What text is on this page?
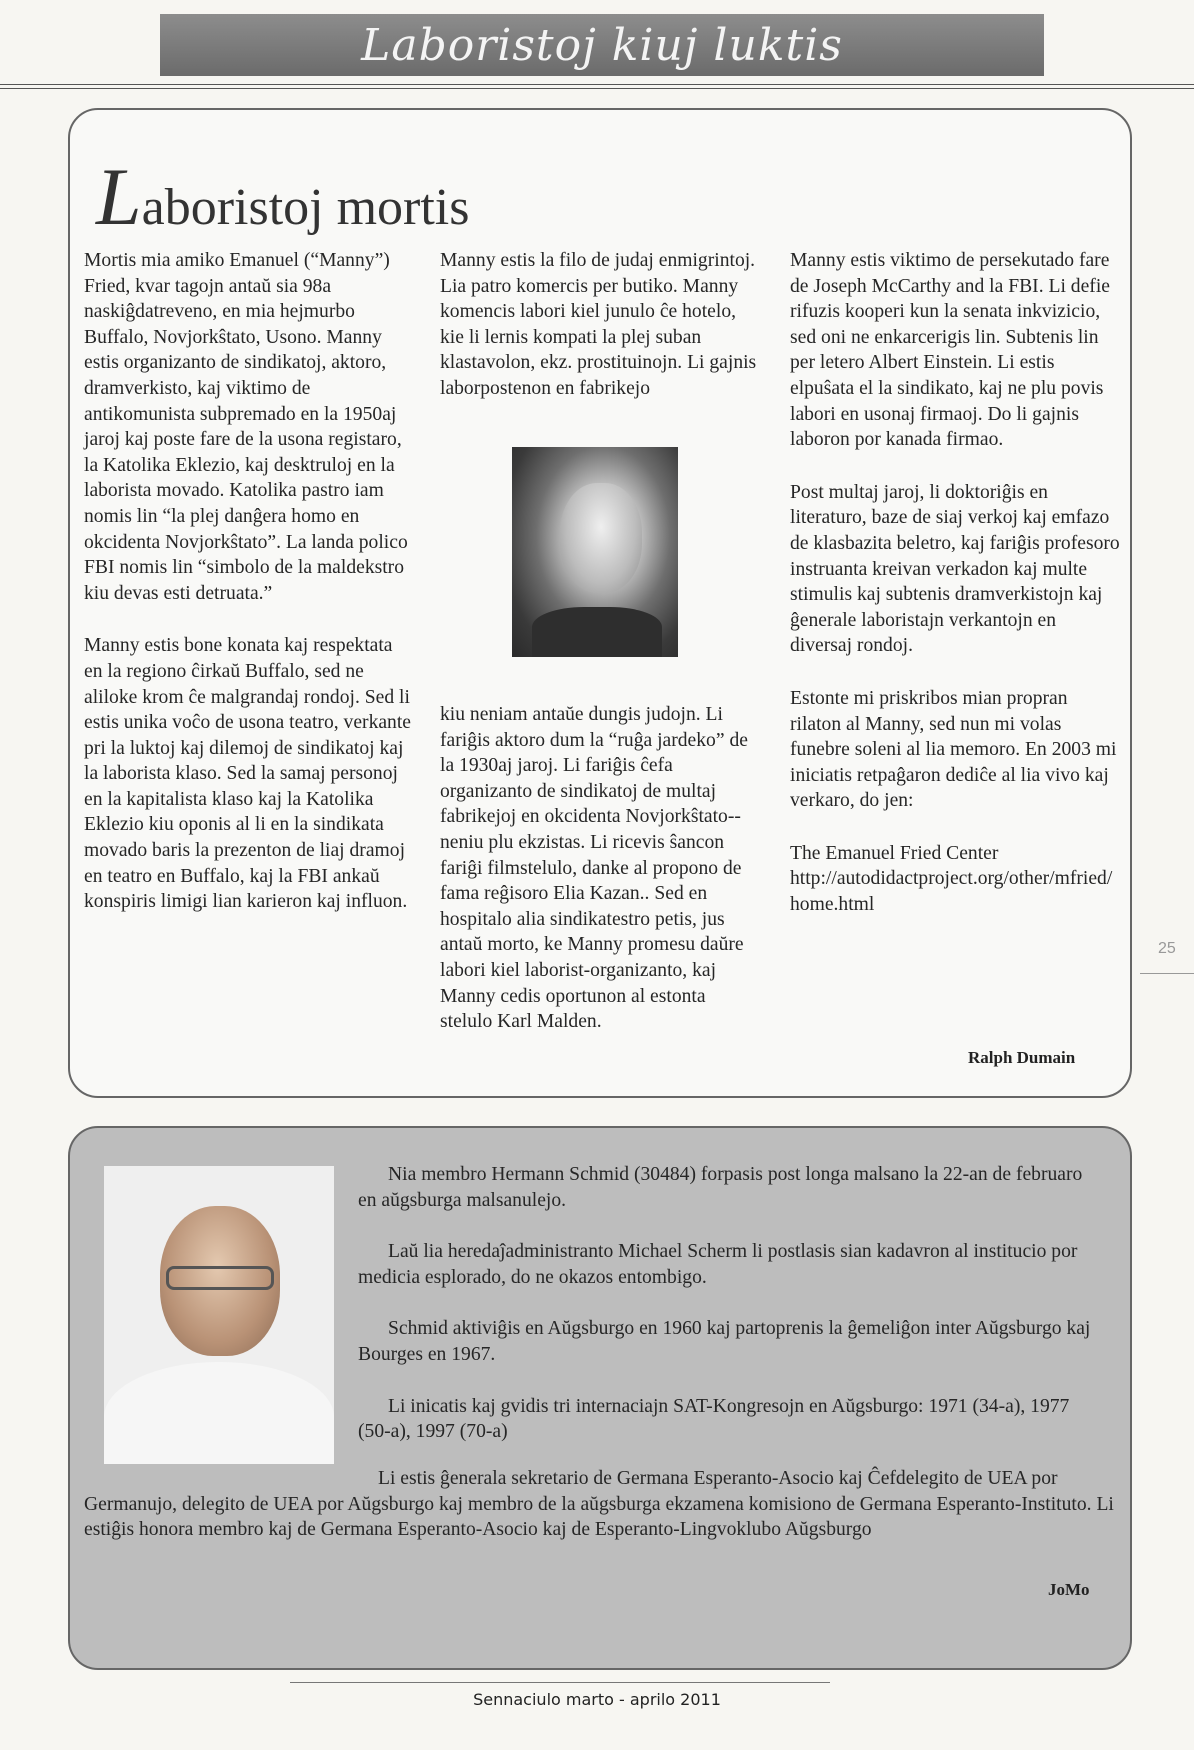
Laboristoj kiuj luktis
25
Laboristoj mortis

Mortis mia amiko Emanuel (“Manny”) Fried, kvar tagojn antaŭ sia 98a naskiĝdatreveno, en mia hejmurbo Buffalo, Novjorkŝtato, Usono. Manny estis organizanto de sindikatoj, aktoro, dramverkisto, kaj viktimo de antikomunista subpremado en la 1950aj jaroj kaj poste fare de la usona registaro, la Katolika Eklezio, kaj desktruloj en la laborista movado. Katolika pastro iam nomis lin “la plej danĝera homo en okcidenta Novjorkŝtato”. La landa polico FBI nomis lin “simbolo de la maldekstro kiu devas esti detruata.”

Manny estis bone konata kaj respektata en la regiono ĉirkaŭ Buffalo, sed ne aliloke krom ĉe malgrandaj rondoj. Sed li estis unika voĉo de usona teatro, verkante pri la luktoj kaj dilemoj de sindikatoj kaj la laborista klaso. Sed la samaj personoj en la kapitalista klaso kaj la Katolika Eklezio kiu oponis al li en la sindikata movado baris la prezenton de liaj dramoj en teatro en Buffalo, kaj la FBI ankaŭ konspiris limigi lian karieron kaj influon.

Manny estis la filo de judaj enmigrintoj. Lia patro komercis per butiko. Manny komencis labori kiel junulo ĉe hotelo, kie li lernis kompati la plej suban klastavolon, ekz. prostituinojn. Li gajnis laborpostenon en fabrikejo

kiu neniam antaŭe dungis judojn. Li fariĝis aktoro dum la “ruĝa jardeko” de la 1930aj jaroj. Li fariĝis ĉefa organizanto de sindikatoj de multaj fabrikejoj en okcidenta Novjorkŝtato--neniu plu ekzistas. Li ricevis ŝancon fariĝi filmstelulo, danke al propono de fama reĝisoro Elia Kazan.. Sed en hospitalo alia sindikatestro petis, jus antaŭ morto, ke Manny promesu daŭre labori kiel laborist-organizanto, kaj Manny cedis oportunon al estonta stelulo Karl Malden.

Manny estis viktimo de persekutado fare de Joseph McCarthy and la FBI. Li defie rifuzis kooperi kun la senata inkvizicio, sed oni ne enkarcerigis lin. Subtenis lin per letero Albert Einstein. Li estis elpuŝata el la sindikato, kaj ne plu povis labori en usonaj firmaoj. Do li gajnis laboron por kanada firmao.

Post multaj jaroj, li doktoriĝis en literaturo, baze de siaj verkoj kaj emfazo de klasbazita beletro, kaj fariĝis profesoro instruanta kreivan verkadon kaj multe stimulis kaj subtenis dramverkistojn kaj ĝenerale laboristajn verkantojn en diversaj rondoj.

Estonte mi priskribos mian propran rilaton al Manny, sed nun mi volas funebre soleni al lia memoro. En 2003 mi iniciatis retpaĝaron dediĉe al lia vivo kaj verkaro, do jen:

The Emanuel Fried Center
http://autodidactproject.org/other/mfried/home.html
Ralph Dumain

Nia membro Hermann Schmid (30484) forpasis post longa malsano la 22-an de februaro en aŭgsburga malsanulejo.

Laŭ lia heredaĵadministranto Michael Scherm li postlasis sian kadavron al institucio por medicia esplorado, do ne okazos entombigo.

Schmid aktiviĝis en Aŭgsburgo en 1960 kaj partoprenis la ĝemeliĝon inter Aŭgsburgo kaj Bourges en 1967.

Li inicatis kaj gvidis tri internaciajn SAT-Kongresojn en Aŭgsburgo: 1971 (34-a), 1977 (50-a), 1997 (70-a)

Li estis ĝenerala sekretario de Germana Esperanto-Asocio kaj Ĉefdelegito de UEA por Germanujo, delegito de UEA por Aŭgsburgo kaj membro de la aŭgsburga ekzamena komisiono de Germana Esperanto-Instituto. Li estiĝis honora membro kaj de Germana Esperanto-Asocio kaj de Esperanto-Lingvoklubo Aŭgsburgo

JoMo
Sennaciulo marto - aprilo 2011
